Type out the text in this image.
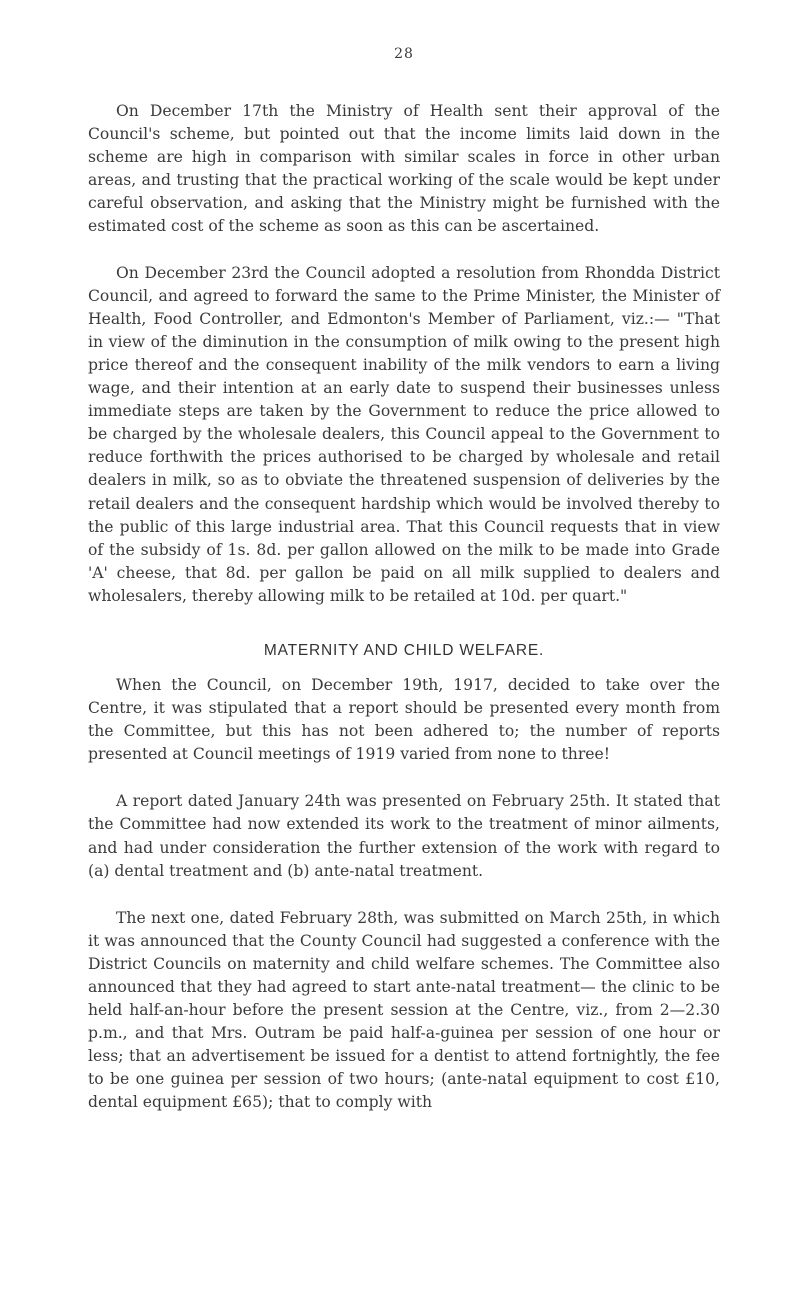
28

On December 17th the Ministry of Health sent their approval of the Council's scheme, but pointed out that the income limits laid down in the scheme are high in comparison with similar scales in force in other urban areas, and trusting that the practical working of the scale would be kept under careful observation, and asking that the Ministry might be furnished with the estimated cost of the scheme as soon as this can be ascertained.

On December 23rd the Council adopted a resolution from Rhondda District Council, and agreed to forward the same to the Prime Minister, the Minister of Health, Food Controller, and Edmonton's Member of Parliament, viz.:— "That in view of the diminution in the consumption of milk owing to the present high price thereof and the consequent inability of the milk vendors to earn a living wage, and their intention at an early date to suspend their businesses unless immediate steps are taken by the Government to reduce the price allowed to be charged by the wholesale dealers, this Council appeal to the Government to reduce forthwith the prices authorised to be charged by wholesale and retail dealers in milk, so as to obviate the threatened suspension of deliveries by the retail dealers and the consequent hardship which would be involved thereby to the public of this large industrial area. That this Council requests that in view of the subsidy of 1s. 8d. per gallon allowed on the milk to be made into Grade 'A' cheese, that 8d. per gallon be paid on all milk supplied to dealers and wholesalers, thereby allowing milk to be retailed at 10d. per quart."

MATERNITY AND CHILD WELFARE.

When the Council, on December 19th, 1917, decided to take over the Centre, it was stipulated that a report should be presented every month from the Committee, but this has not been adhered to; the number of reports presented at Council meetings of 1919 varied from none to three!

A report dated January 24th was presented on February 25th. It stated that the Committee had now extended its work to the treatment of minor ailments, and had under consideration the further extension of the work with regard to (a) dental treatment and (b) ante-natal treatment.

The next one, dated February 28th, was submitted on March 25th, in which it was announced that the County Council had suggested a conference with the District Councils on maternity and child welfare schemes. The Committee also announced that they had agreed to start ante-natal treatment— the clinic to be held half-an-hour before the present session at the Centre, viz., from 2—2.30 p.m., and that Mrs. Outram be paid half-a-guinea per session of one hour or less; that an advertisement be issued for a dentist to attend fortnightly, the fee to be one guinea per session of two hours; (ante-natal equipment to cost £10, dental equipment £65); that to comply with
